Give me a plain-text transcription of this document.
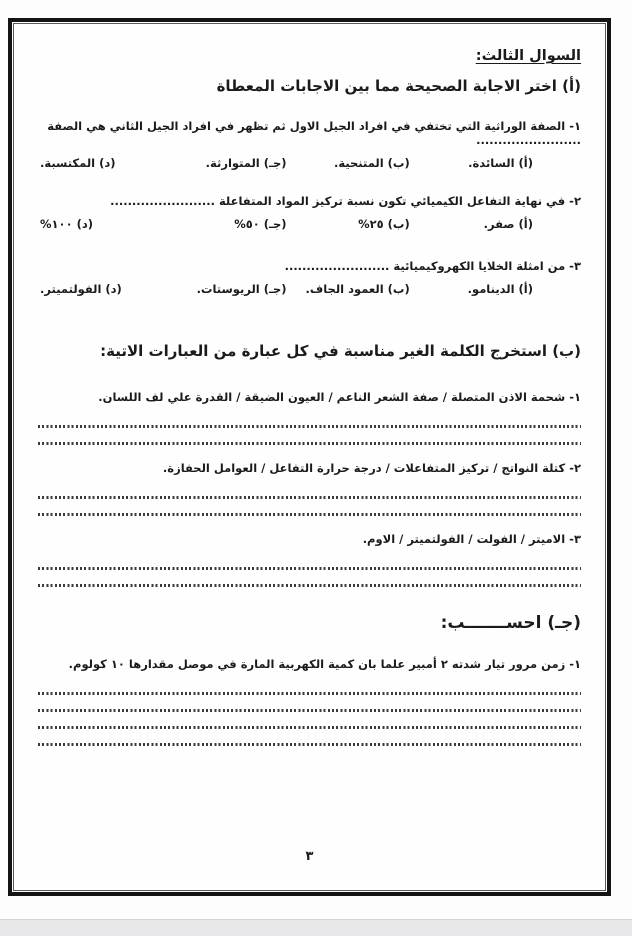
السوال الثالث:
(أ) اختر الاجابة الصحيحة مما بين الاجابات المعطاة
١- الصفة الوراثية التي تختفي في افراد الجيل الاول ثم تظهر في افراد الجيل الثاني هي الصفة ........................
(أ) السائدة.
(ب) المتنحية.
(جـ) المتوارثة.
(د) المكتسبة.
٢- في نهاية التفاعل الكيميائي تكون نسبة تركيز المواد المتفاعلة ........................
(أ) صفر.
(ب) ٢٥%
(جـ) ٥٠%
(د) ١٠٠%
٣- من امثلة الخلايا الكهروكيميائية ........................
(أ) الدينامو.
(ب) العمود الجاف.
(جـ) الريوستات.
(د) الفولتميتر.
(ب) استخرج الكلمة الغير مناسبة في كل عبارة من العبارات الاتية:
١- شحمة الاذن المتصلة / صفة الشعر الناعم / العيون الضيقة / القدرة علي لف اللسان.
٢- كتلة النواتج / تركيز المتفاعلات / درجة حرارة التفاعل / العوامل الحفازة.
٣- الاميتر / الفولت / الفولتميتر / الاوم.
(جـ) احســـــــب:
١- زمن مرور تيار شدته ٢ أمبير علما بان كمية الكهربية المارة في موصل مقدارها ١٠ كولوم.
٣
